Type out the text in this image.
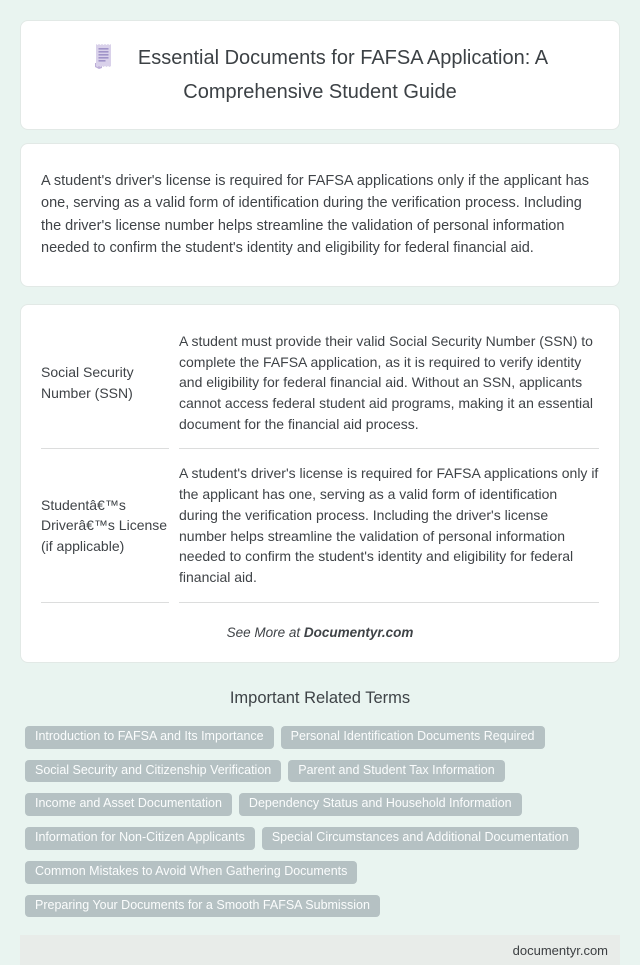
Essential Documents for FAFSA Application: A Comprehensive Student Guide

A student's driver's license is required for FAFSA applications only if the applicant has one, serving as a valid form of identification during the verification process. Including the driver's license number helps streamline the validation of personal information needed to confirm the student's identity and eligibility for federal financial aid.

Social Security Number (SSN)	A student must provide their valid Social Security Number (SSN) to complete the FAFSA application, as it is required to verify identity and eligibility for federal financial aid. Without an SSN, applicants cannot access federal student aid programs, making it an essential document for the financial aid process.
Studentâ€™s Driverâ€™s License (if applicable)	A student's driver's license is required for FAFSA applications only if the applicant has one, serving as a valid form of identification during the verification process. Including the driver's license number helps streamline the validation of personal information needed to confirm the student's identity and eligibility for federal financial aid.

See More at Documentyr.com

Important Related Terms
Introduction to FAFSA and Its Importance	Personal Identification Documents Required
Social Security and Citizenship Verification	Parent and Student Tax Information
Income and Asset Documentation	Dependency Status and Household Information
Information for Non-Citizen Applicants	Special Circumstances and Additional Documentation
Common Mistakes to Avoid When Gathering Documents
Preparing Your Documents for a Smooth FAFSA Submission
documentyr.com
